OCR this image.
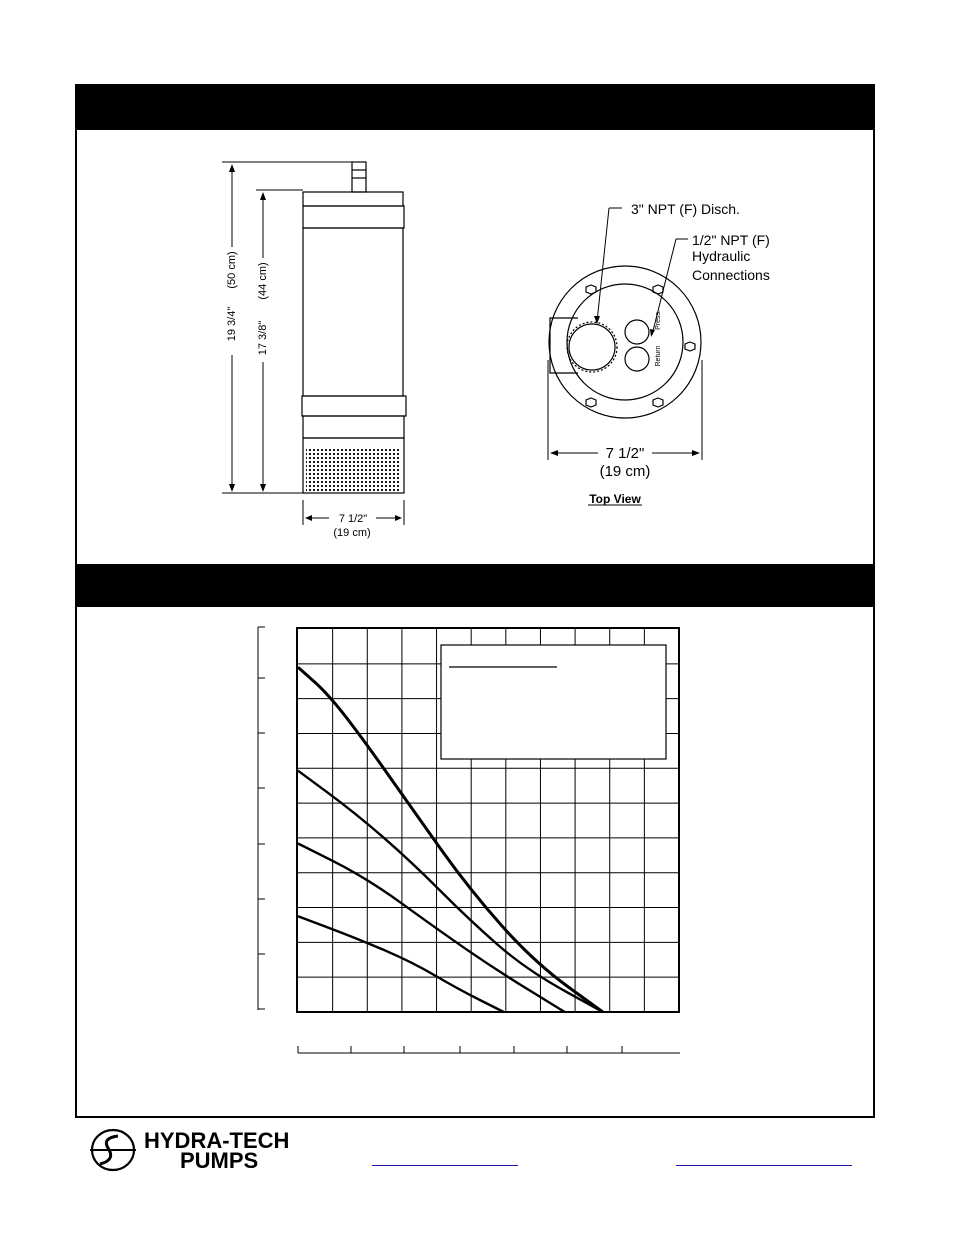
19 3/4"
(50 cm)
17 3/8"
(44 cm)
7 1/2"
(19 cm)
3" NPT (F) Disch.
1/2" NPT (F)
Hydraulic
Connections
Return
Press.
7 1/2"
(19 cm)
Top View
HYDRA-TECH
PUMPS
